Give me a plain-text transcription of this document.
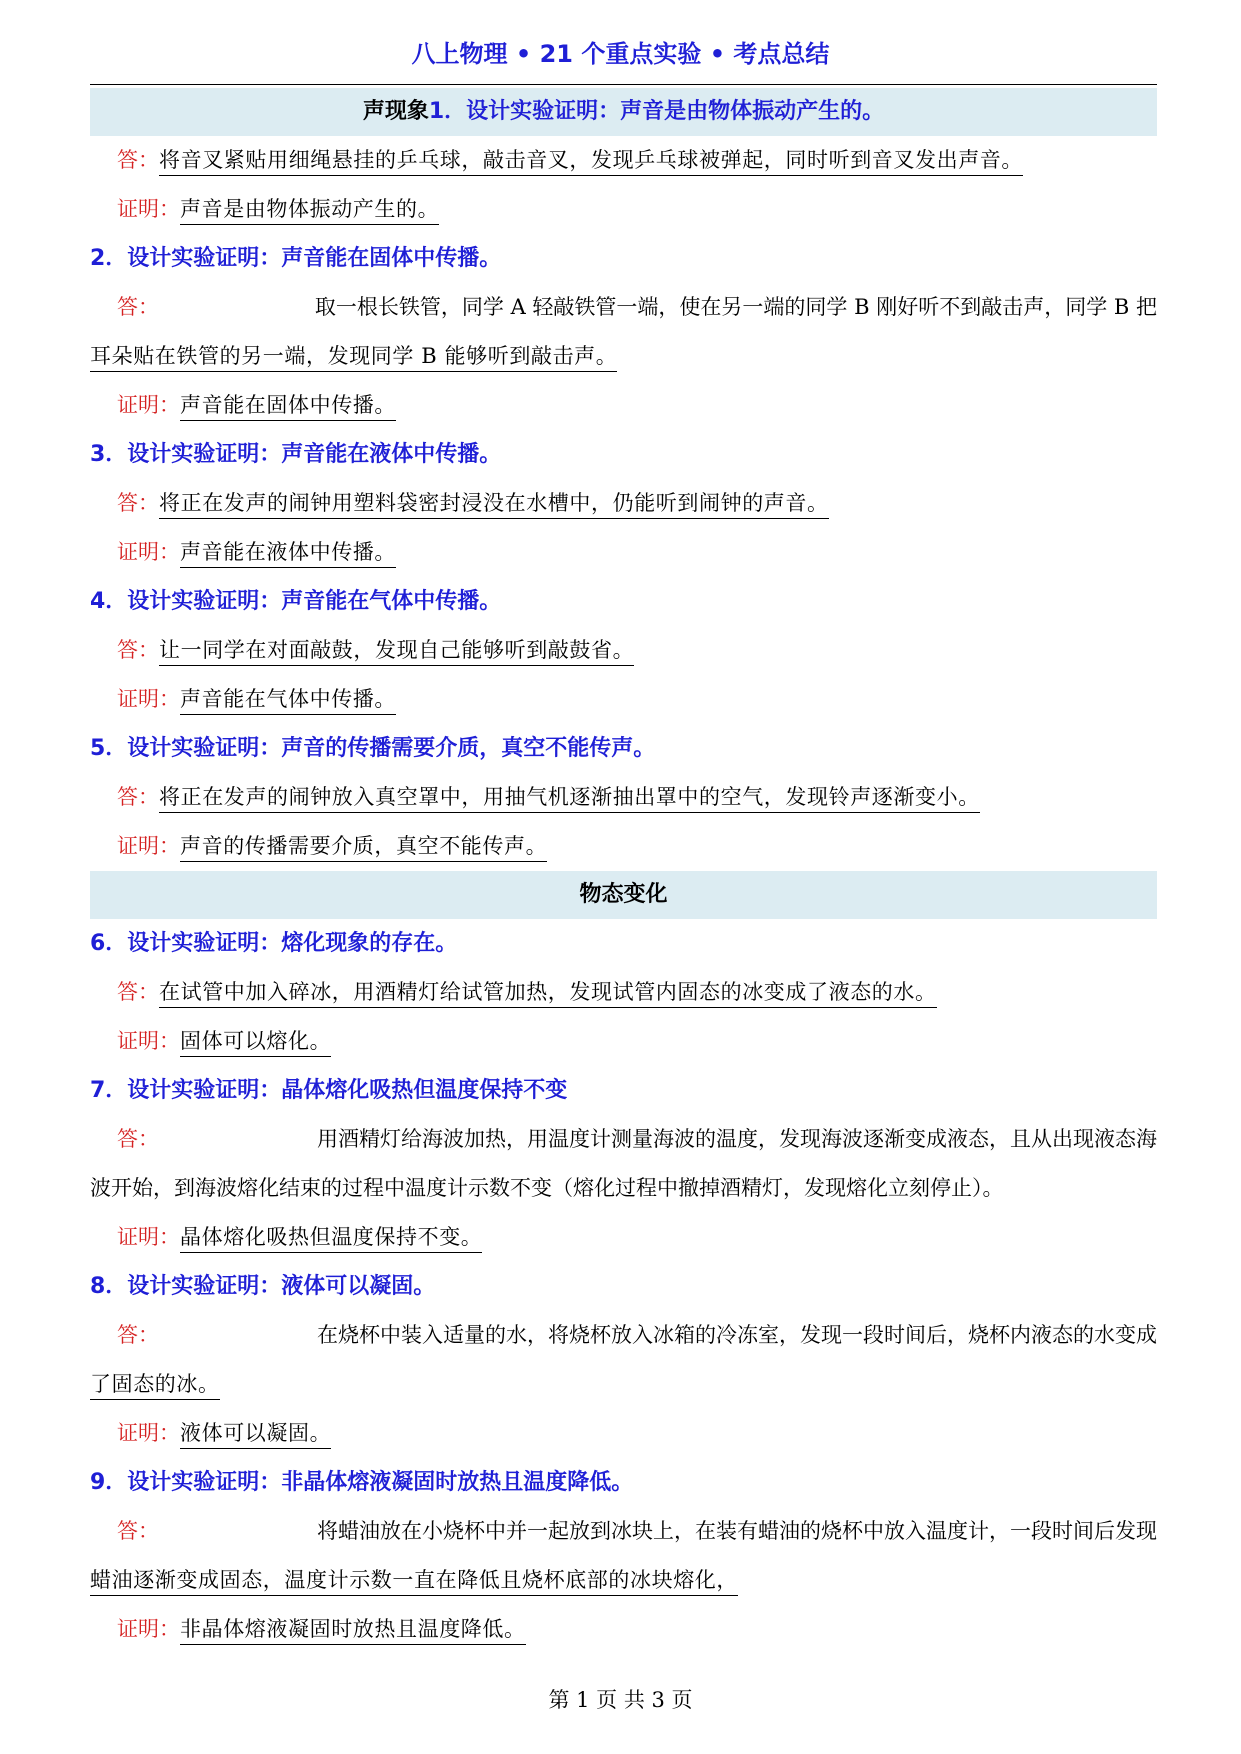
八上物理 • 21 个重点实验 • 考点总结
声现象1．设计实验证明：声音是由物体振动产生的。
答：将音叉紧贴用细绳悬挂的乒乓球，敲击音叉，发现乒乓球被弹起，同时听到音叉发出声音。
证明：声音是由物体振动产生的。
2．设计实验证明：声音能在固体中传播。
答：	取一根长铁管，同学 A 轻敲铁管一端，使在另一端的同学 B 刚好听不到敲击声，同学 B 把
耳朵贴在铁管的另一端，发现同学 B 能够听到敲击声。
证明：声音能在固体中传播。
3．设计实验证明：声音能在液体中传播。
答：将正在发声的闹钟用塑料袋密封浸没在水槽中，仍能听到闹钟的声音。
证明：声音能在液体中传播。
4．设计实验证明：声音能在气体中传播。
答：让一同学在对面敲鼓，发现自己能够听到敲鼓省。
证明：声音能在气体中传播。
5．设计实验证明：声音的传播需要介质，真空不能传声。
答：将正在发声的闹钟放入真空罩中，用抽气机逐渐抽出罩中的空气，发现铃声逐渐变小。
证明：声音的传播需要介质，真空不能传声。
物态变化
6．设计实验证明：熔化现象的存在。
答：在试管中加入碎冰，用酒精灯给试管加热，发现试管内固态的冰变成了液态的水。
证明：固体可以熔化。
7．设计实验证明：晶体熔化吸热但温度保持不变
答：	用酒精灯给海波加热，用温度计测量海波的温度，发现海波逐渐变成液态，且从出现液态海
波开始，到海波熔化结束的过程中温度计示数不变（熔化过程中撤掉酒精灯，发现熔化立刻停止）。
证明：晶体熔化吸热但温度保持不变。
8．设计实验证明：液体可以凝固。
答：	在烧杯中装入适量的水，将烧杯放入冰箱的冷冻室，发现一段时间后，烧杯内液态的水变成
了固态的冰。
证明：液体可以凝固。
9．设计实验证明：非晶体熔液凝固时放热且温度降低。
答：	将蜡油放在小烧杯中并一起放到冰块上，在装有蜡油的烧杯中放入温度计，一段时间后发现
蜡油逐渐变成固态，温度计示数一直在降低且烧杯底部的冰块熔化，
证明：非晶体熔液凝固时放热且温度降低。
第 1 页 共 3 页
